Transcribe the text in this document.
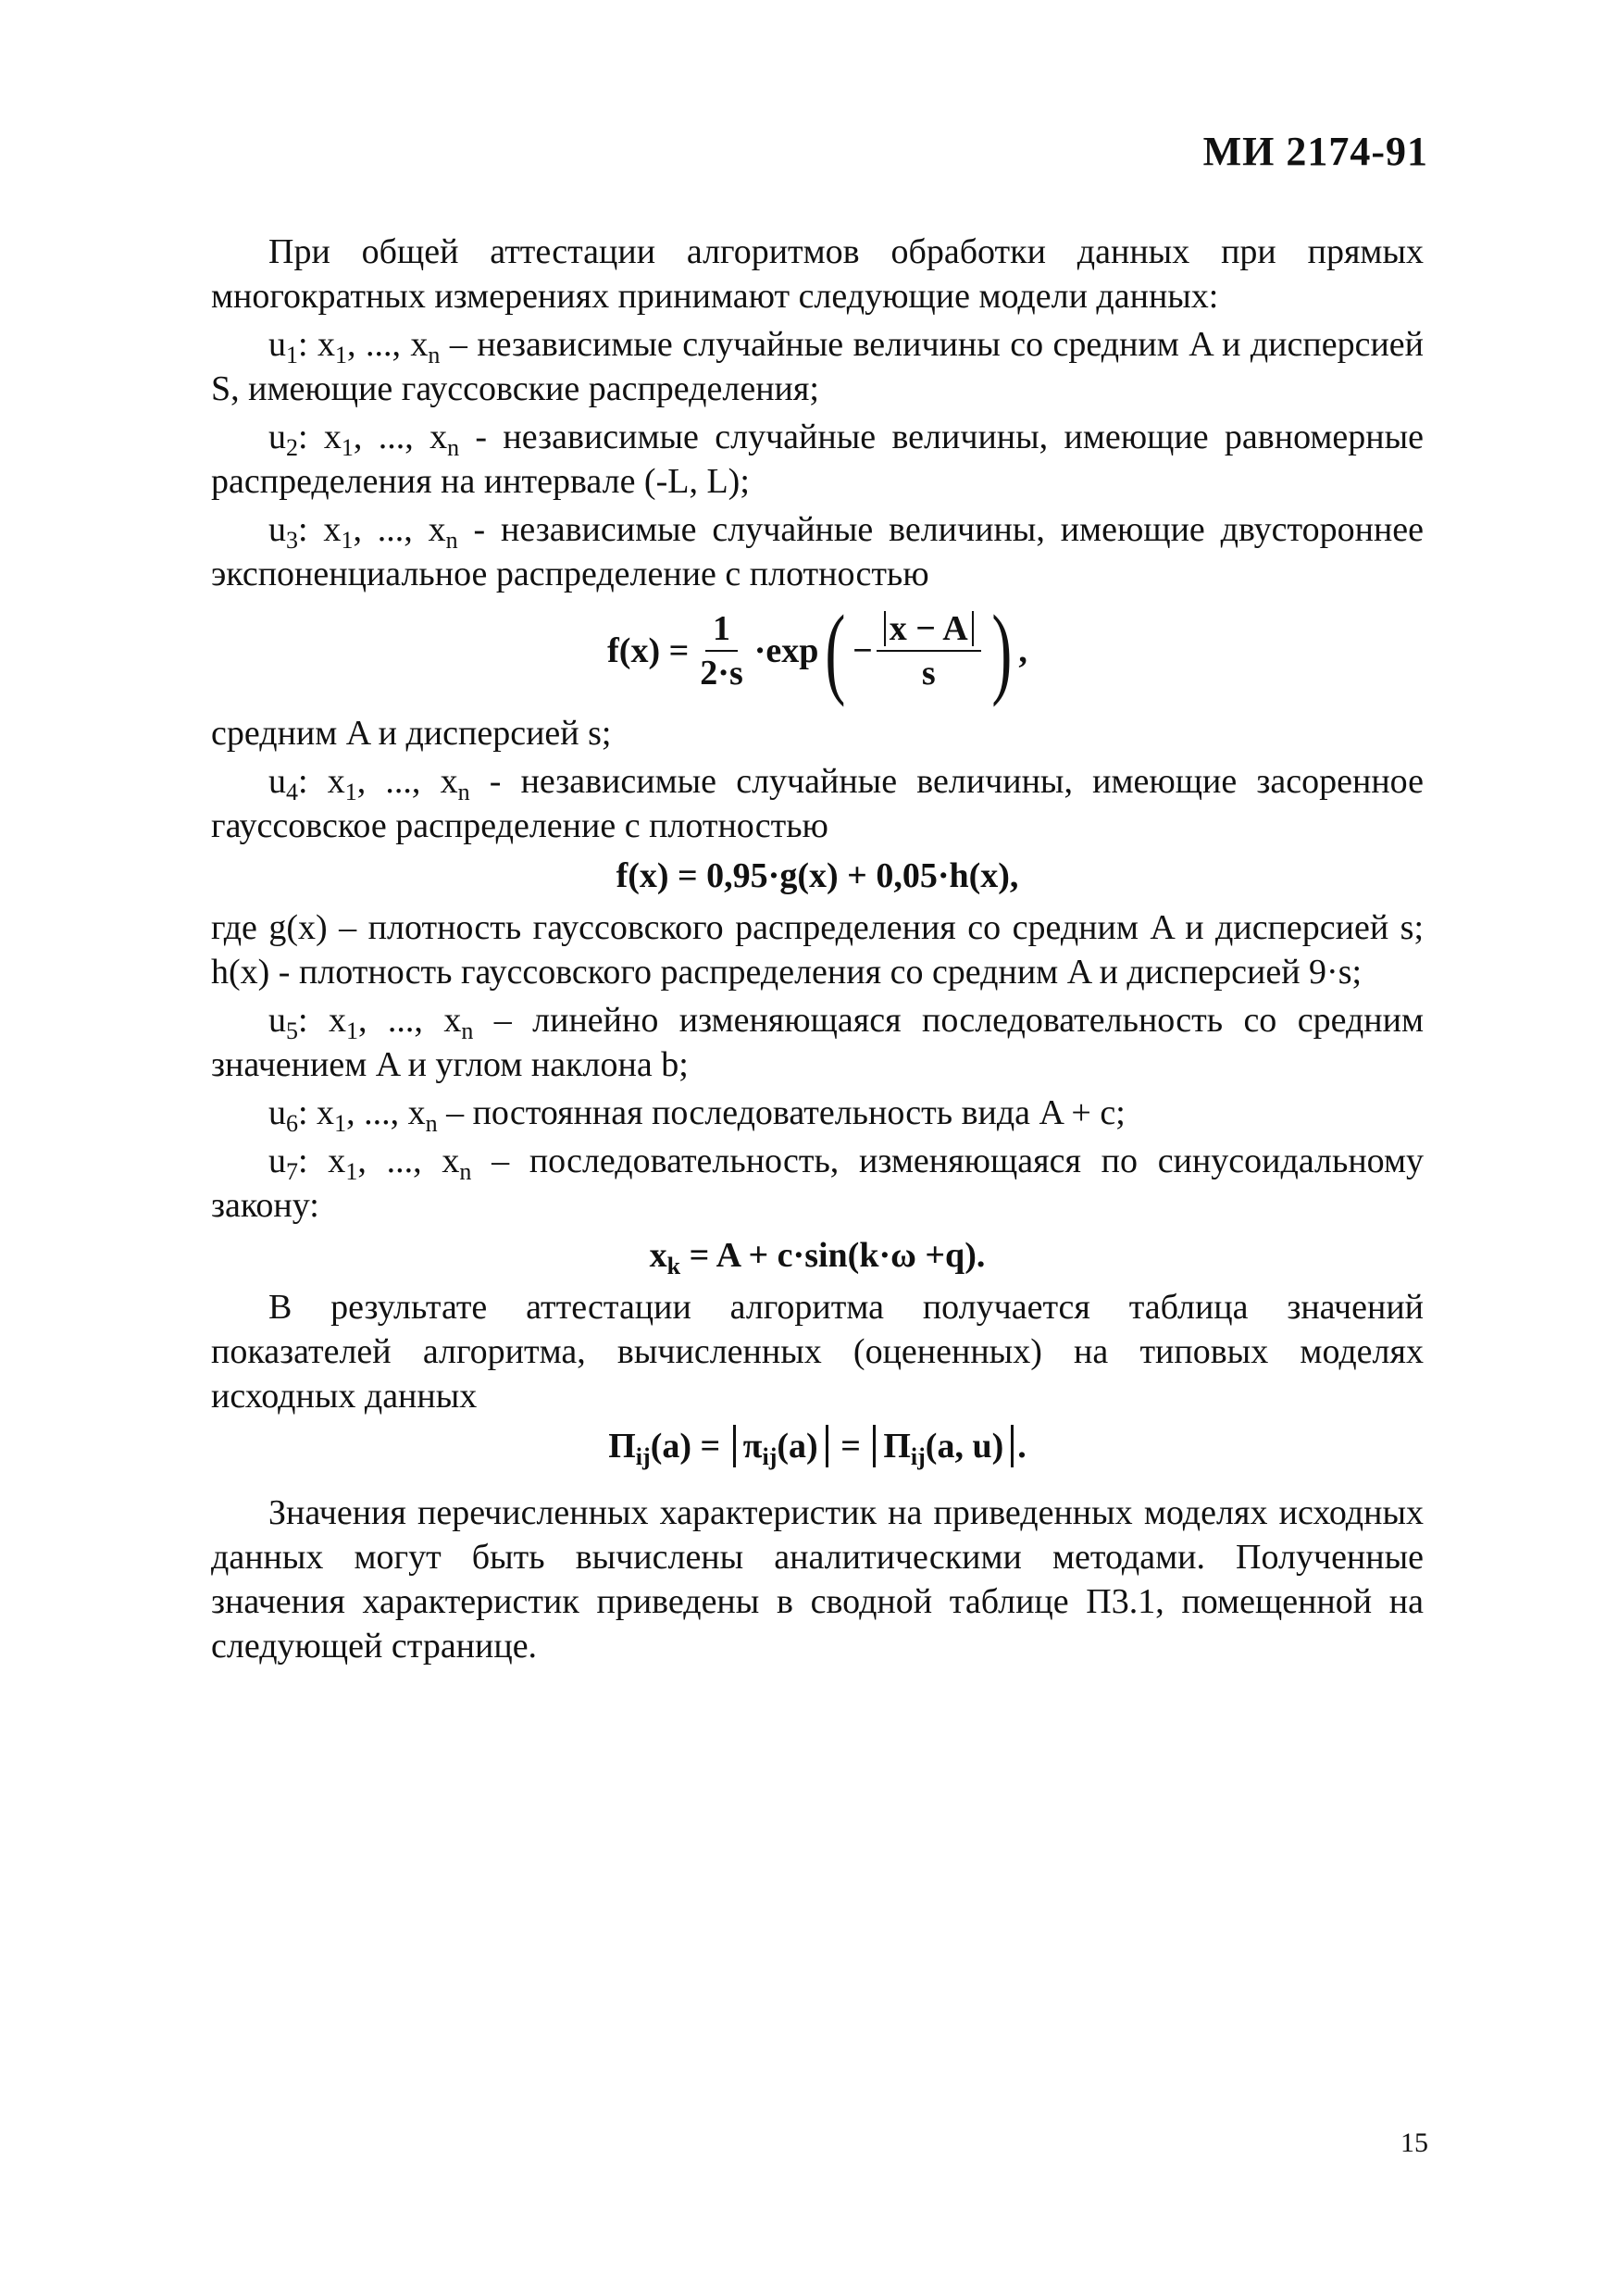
МИ 2174-91

При общей аттестации алгоритмов обработки данных при прямых многократных измерениях принимают следующие модели данных:

$u_1$: $x_1$, ..., $x_n$ – независимые случайные величины со средним A и дисперсией S, имеющие гауссовские распределения;

$u_2$: $x_1$, ..., $x_n$ - независимые случайные величины, имеющие равномерные распределения на интервале (-L, L);

$u_3$: $x_1$, ..., $x_n$ - независимые случайные величины, имеющие двустороннее экспоненциальное распределение с плотностью

$f(x) = \frac{1}{2\cdot s} \cdot\exp$ ( − $\frac{x - A}{s}$ ) ,

средним A и дисперсией s;

$u_4$: $x_1$, ..., $x_n$ - независимые случайные величины, имеющие засоренное гауссовское распределение с плотностью

f(x) = 0,95·g(x) + 0,05·h(x),

где g(x) – плотность гауссовского распределения со средним A и дисперсией s; h(x) - плотность гауссовского распределения со средним A и дисперсией 9·s;

$u_5$: $x_1$, ..., $x_n$ – линейно изменяющаяся последовательность со средним значением A и углом наклона b;

$u_6$: $x_1$, ..., $x_n$ – постоянная последовательность вида A + c;

$u_7$: $x_1$, ..., $x_n$ – последовательность, изменяющаяся по синусоидальному закону:

$x_k = A + c\cdot\sin(k\cdot\omega +q)$.

В результате аттестации алгоритма получается таблица значений показателей алгоритма, вычисленных (оцененных) на типовых моделях исходных данных

$П_{ij}(a) = \pi_{ij}(a) = П_{ij}(a$, u) .

Значения перечисленных характеристик на приведенных моделях исходных данных могут быть вычислены аналитическими методами. Полученные значения характеристик приведены в сводной таблице П3.1, помещенной на следующей странице.

15
